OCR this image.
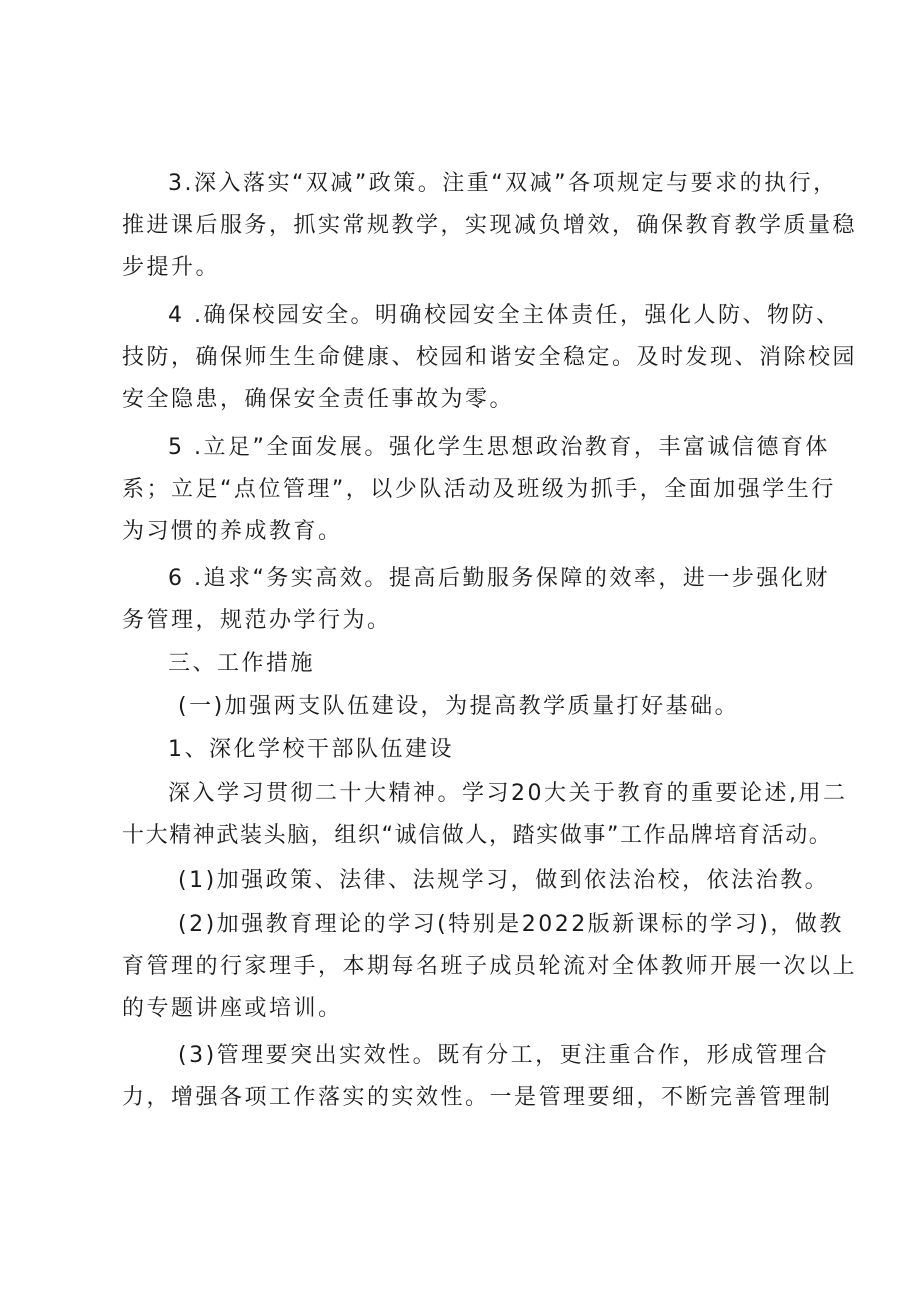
3.深入落实“双减”政策。注重“双减”各项规定与要求的执行，
推进课后服务，抓实常规教学，实现减负增效，确保教育教学质量稳
步提升。
4 .确保校园安全。明确校园安全主体责任，强化人防、物防、
技防，确保师生生命健康、校园和谐安全稳定。及时发现、消除校园
安全隐患，确保安全责任事故为零。
5 .立足”全面发展。强化学生思想政治教育，丰富诚信德育体
系；立足“点位管理”，以少队活动及班级为抓手，全面加强学生行
为习惯的养成教育。
6 .追求“务实高效。提高后勤服务保障的效率，进一步强化财
务管理，规范办学行为。
三、工作措施
(一)加强两支队伍建设，为提高教学质量打好基础。
1、深化学校干部队伍建设
深入学习贯彻二十大精神。学习20大关于教育的重要论述,用二
十大精神武装头脑，组织“诚信做人，踏实做事”工作品牌培育活动。
(1)加强政策、法律、法规学习，做到依法治校，依法治教。
(2)加强教育理论的学习(特别是2022版新课标的学习)，做教
育管理的行家理手，本期每名班子成员轮流对全体教师开展一次以上
的专题讲座或培训。
(3)管理要突出实效性。既有分工，更注重合作，形成管理合
力，增强各项工作落实的实效性。一是管理要细，不断完善管理制
